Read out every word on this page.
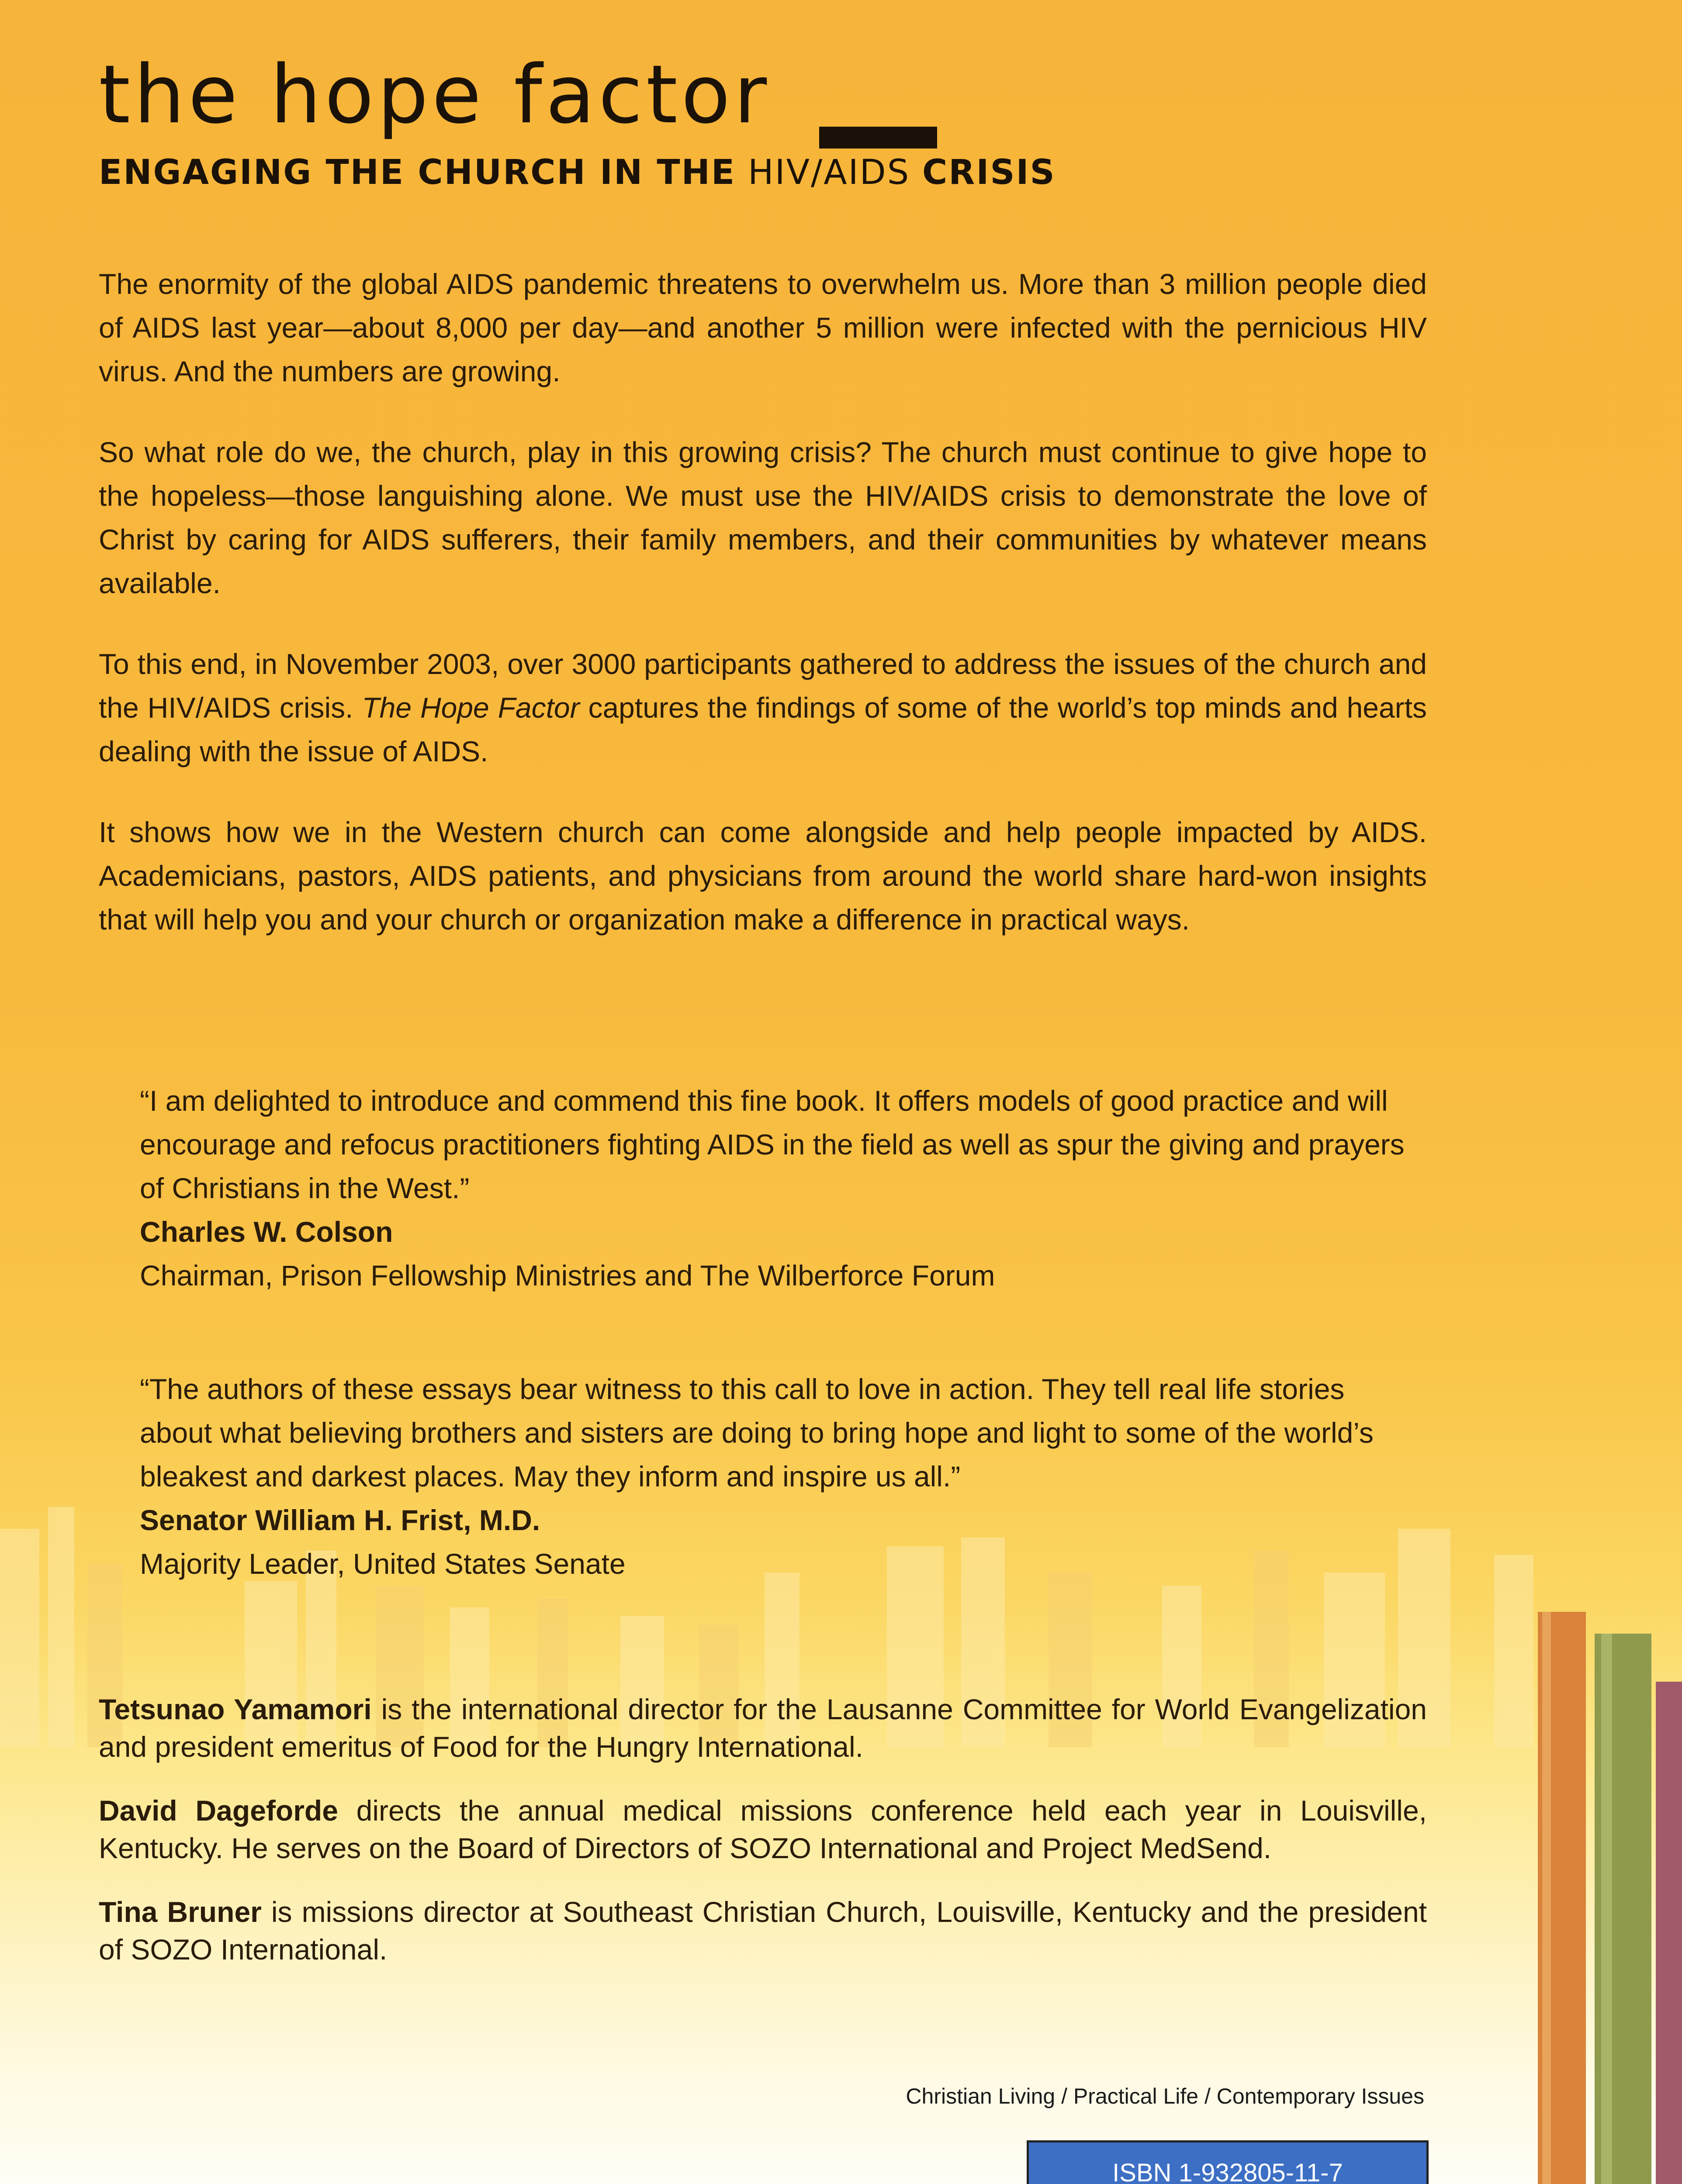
the hope factor
ENGAGING THE CHURCH IN THE HIV/AIDS CRISIS

The enormity of the global AIDS pandemic threatens to overwhelm us. More than 3 million people died of AIDS last year—about 8,000 per day—and another 5 million were infected with the pernicious HIV virus. And the numbers are growing.

So what role do we, the church, play in this growing crisis? The church must continue to give hope to the hopeless—those languishing alone. We must use the HIV/AIDS crisis to demonstrate the love of Christ by caring for AIDS sufferers, their family members, and their communities by whatever means available.

To this end, in November 2003, over 3000 participants gathered to address the issues of the church and the HIV/AIDS crisis. The Hope Factor captures the findings of some of the world’s top minds and hearts dealing with the issue of AIDS.

It shows how we in the Western church can come alongside and help people impacted by AIDS. Academicians, pastors, AIDS patients, and physicians from around the world share hard-won insights that will help you and your church or organization make a difference in practical ways.

“I am delighted to introduce and commend this fine book. It offers models of good practice and will encourage and refocus practitioners fighting AIDS in the field as well as spur the giving and prayers of Christians in the West.”

Charles W. Colson

Chairman, Prison Fellowship Ministries and The Wilberforce Forum

“The authors of these essays bear witness to this call to love in action. They tell real life stories about what believing brothers and sisters are doing to bring hope and light to some of the world’s bleakest and darkest places. May they inform and inspire us all.”

Senator William H. Frist, M.D.

Majority Leader, United States Senate

Tetsunao Yamamori is the international director for the Lausanne Committee for World Evangelization and president emeritus of Food for the Hungry International.

David Dageforde directs the annual medical missions conference held each year in Louisville, Kentucky. He serves on the Board of Directors of SOZO International and Project MedSend.

Tina Bruner is missions director at Southeast Christian Church, Louisville, Kentucky and the president of SOZO International.

Christian Living / Practical Life / Contemporary Issues
ISBN 1-932805-11-7
